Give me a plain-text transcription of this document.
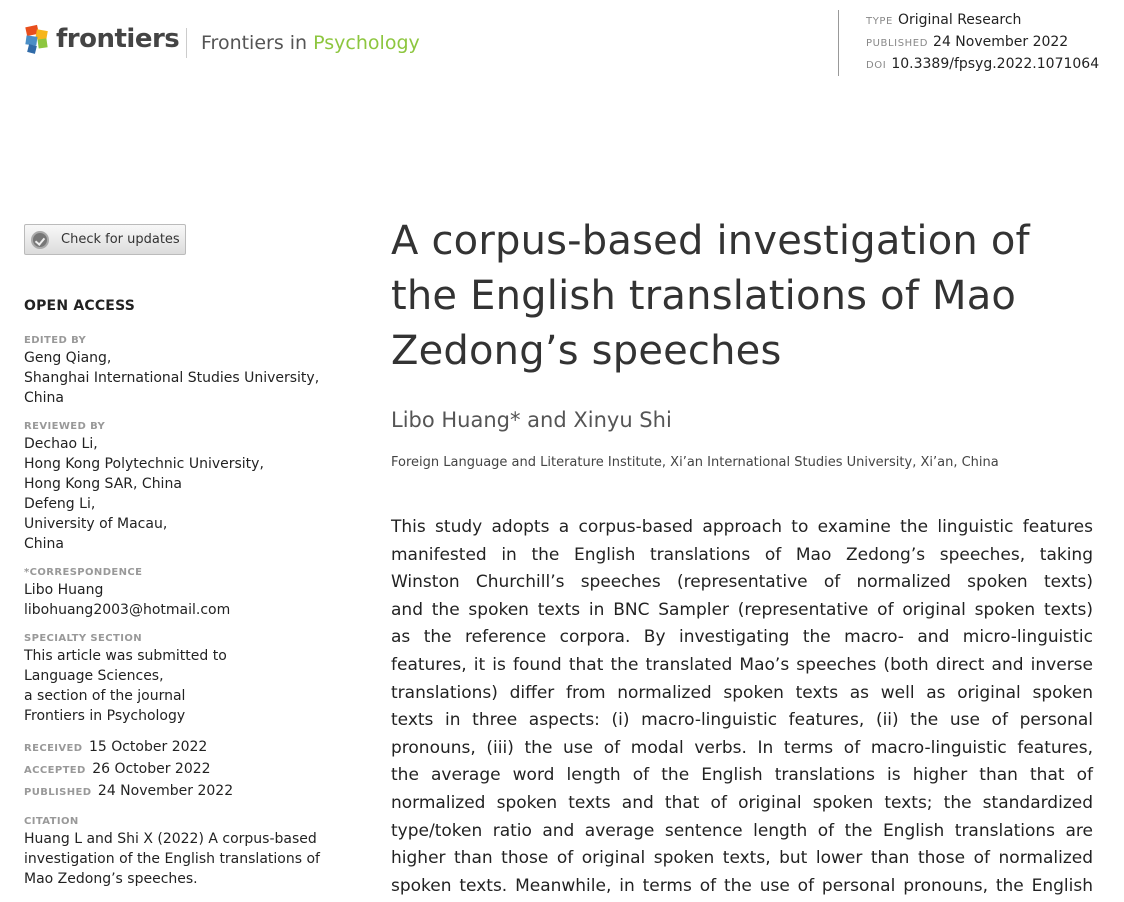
frontiers	Frontiers in Psychology
TYPE Original Research
PUBLISHED 24 November 2022
DOI 10.3389/fpsyg.2022.1071064
Check for updates
OPEN ACCESS
EDITED BY
Geng Qiang,
Shanghai International Studies University,
China
REVIEWED BY
Dechao Li,
Hong Kong Polytechnic University,
Hong Kong SAR, China
Defeng Li,
University of Macau,
China
*CORRESPONDENCE
Libo Huang
libohuang2003@hotmail.com
SPECIALTY SECTION
This article was submitted to
Language Sciences,
a section of the journal
Frontiers in Psychology
RECEIVED 15 October 2022
ACCEPTED 26 October 2022
PUBLISHED 24 November 2022
CITATION
Huang L and Shi X (2022) A corpus-based
investigation of the English translations of
Mao Zedong’s speeches.
A corpus-based investigation of
the English translations of Mao
Zedong’s speeches
Libo Huang* and Xinyu Shi
Foreign Language and Literature Institute, Xi’an International Studies University, Xi’an, China
This study adopts a corpus-based approach to examine the linguistic features
manifested in the English translations of Mao Zedong’s speeches, taking
Winston Churchill’s speeches (representative of normalized spoken texts)
and the spoken texts in BNC Sampler (representative of original spoken texts)
as the reference corpora. By investigating the macro- and micro-linguistic
features, it is found that the translated Mao’s speeches (both direct and inverse
translations) differ from normalized spoken texts as well as original spoken
texts in three aspects: (i) macro-linguistic features, (ii) the use of personal
pronouns, (iii) the use of modal verbs. In terms of macro-linguistic features,
the average word length of the English translations is higher than that of
normalized spoken texts and that of original spoken texts; the standardized
type/token ratio and average sentence length of the English translations are
higher than those of original spoken texts, but lower than those of normalized
spoken texts. Meanwhile, in terms of the use of personal pronouns, the English
